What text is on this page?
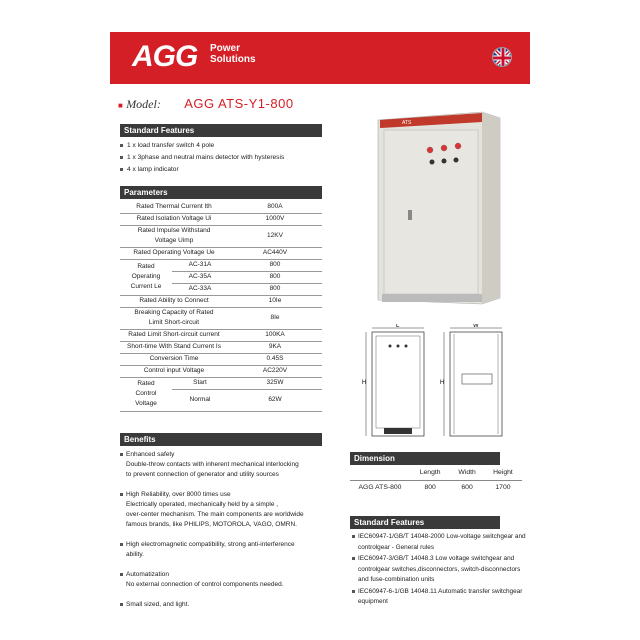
AGG Power
Solutions
■ Model: AGG ATS-Y1-800
Standard Features
1 x load transfer switch 4 pole
1 x 3phase and neutral mains detector with hysteresis
4 x lamp indicator
Parameters
Rated Thermal Current Ith		800A
Rated Isolation Voltage Ui		1000V

Rated Impulse Withstand
Voltage Uimp		12KV
Rated Operating Voltage Ue		AC440V

Rated
Operating
Current Le	AC-31A	800
	AC-35A	800
	AC-33A	800
Rated Ability to Connect		10Ie

Breaking Capacity of Rated
Limit Short-circuit		8Ie
Rated Limit Short-circuit current		100KA
Short-time With Stand Current Is		9KA
Conversion Time		0.45S
Control input Voltage		AC220V

Rated
Control
Voltage	Start	325W
	Normal	62W
Benefits
Enhanced safety
Double-throw contacts with inherent mechanical interlocking
to prevent connection of generator and utility sources
High Reliability, over 8000 times use
Electrically operated, mechanically held by a simple ,
over-center mechanism. The main components are worldwide
famous brands, like PHILIPS, MOTOROLA, VAGO, OMRN.
High electromagnetic compatibility, strong anti-interference
ability.
Automatization
No external connection of control components needed.
Small sized, and light.
ATS
L
H
W
H
Dimension
	Length	Width	Height
AGG ATS-800	800	600	1700
Standard Features
IEC60947-1/GB/T 14048-2000 Low-voltage switchgear and controlgear - General rules
IEC60947-3/GB/T 14048.3 Low voltage switchgear and controlgear switches,disconnectors, switch-disconnectors and fuse-combination units
IEC60947-6-1/GB 14048.11 Automatic transfer switchgear equipment
